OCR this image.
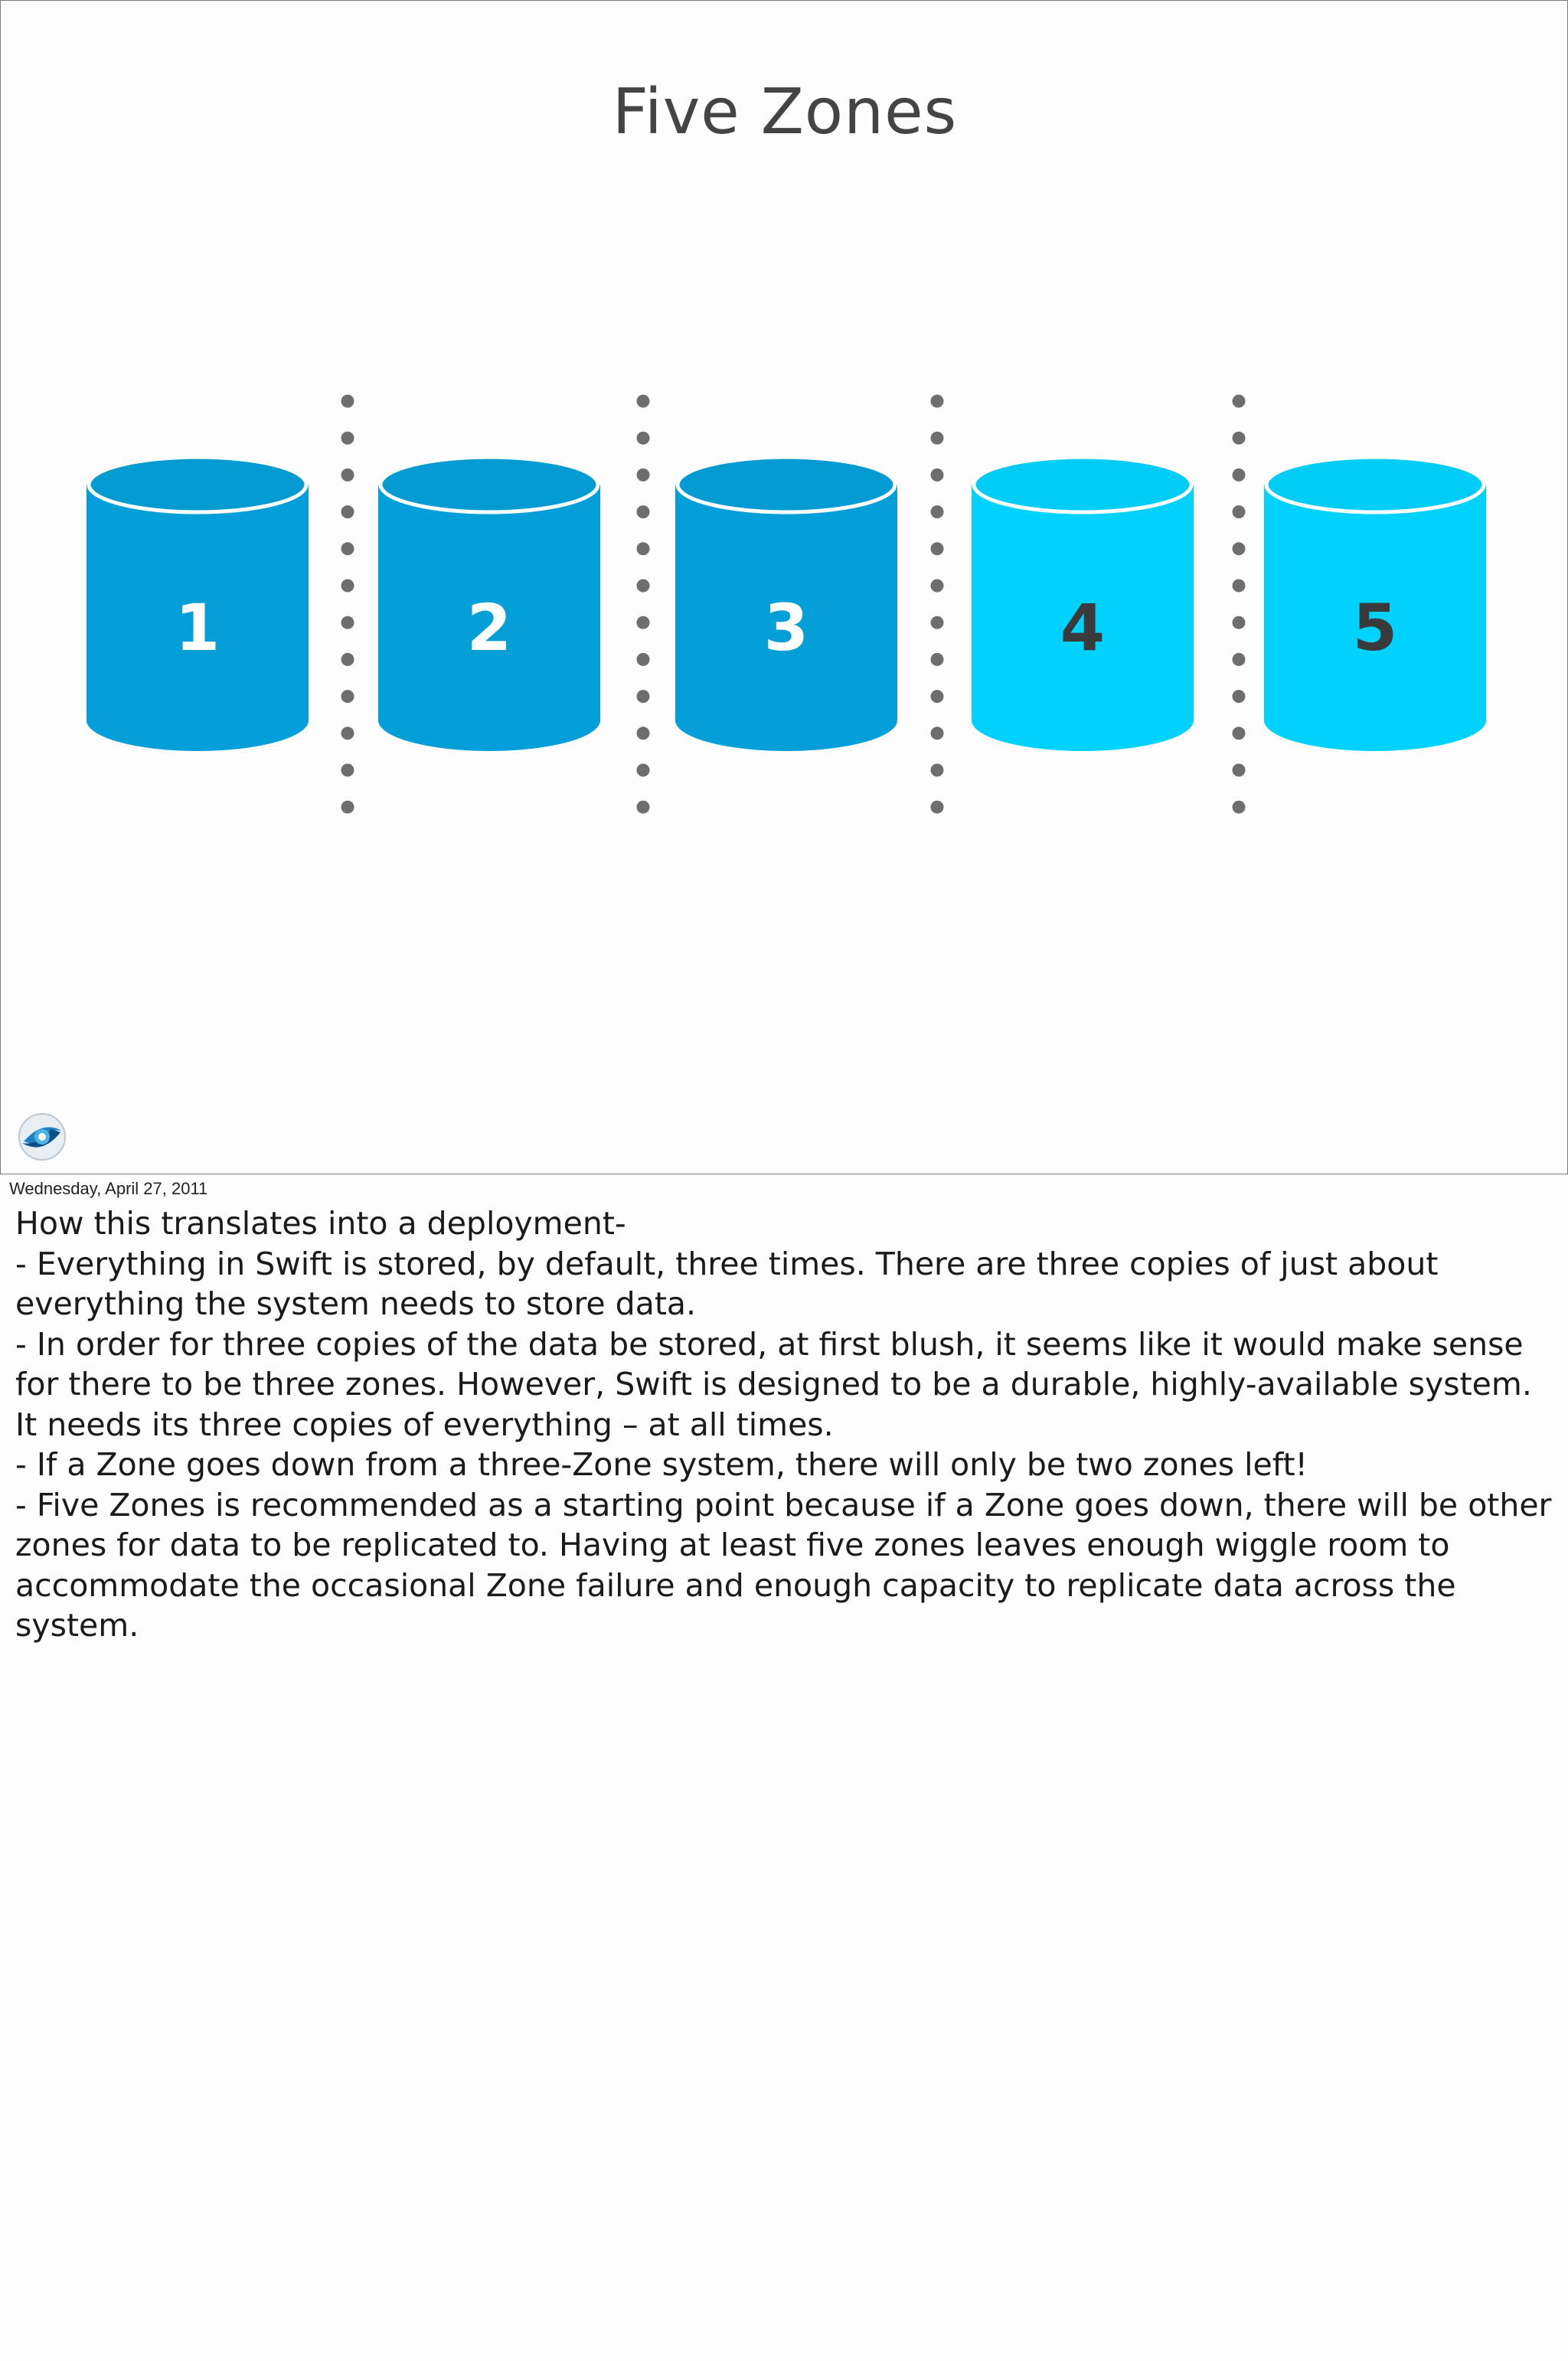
Five Zones
1	2	3	4	5
Wednesday, April 27, 2011

How this translates into a deployment-

- Everything in Swift is stored, by default, three times. There are three copies of just about everything the system needs to store data.

- In order for three copies of the data be stored, at first blush, it seems like it would make sense for there to be three zones. However, Swift is designed to be a durable, highly-available system. It needs its three copies of everything – at all times.

- If a Zone goes down from a three-Zone system, there will only be two zones left!

- Five Zones is recommended as a starting point because if a Zone goes down, there will be other zones for data to be replicated to. Having at least five zones leaves enough wiggle room to accommodate the occasional Zone failure and enough capacity to replicate data across the system.
